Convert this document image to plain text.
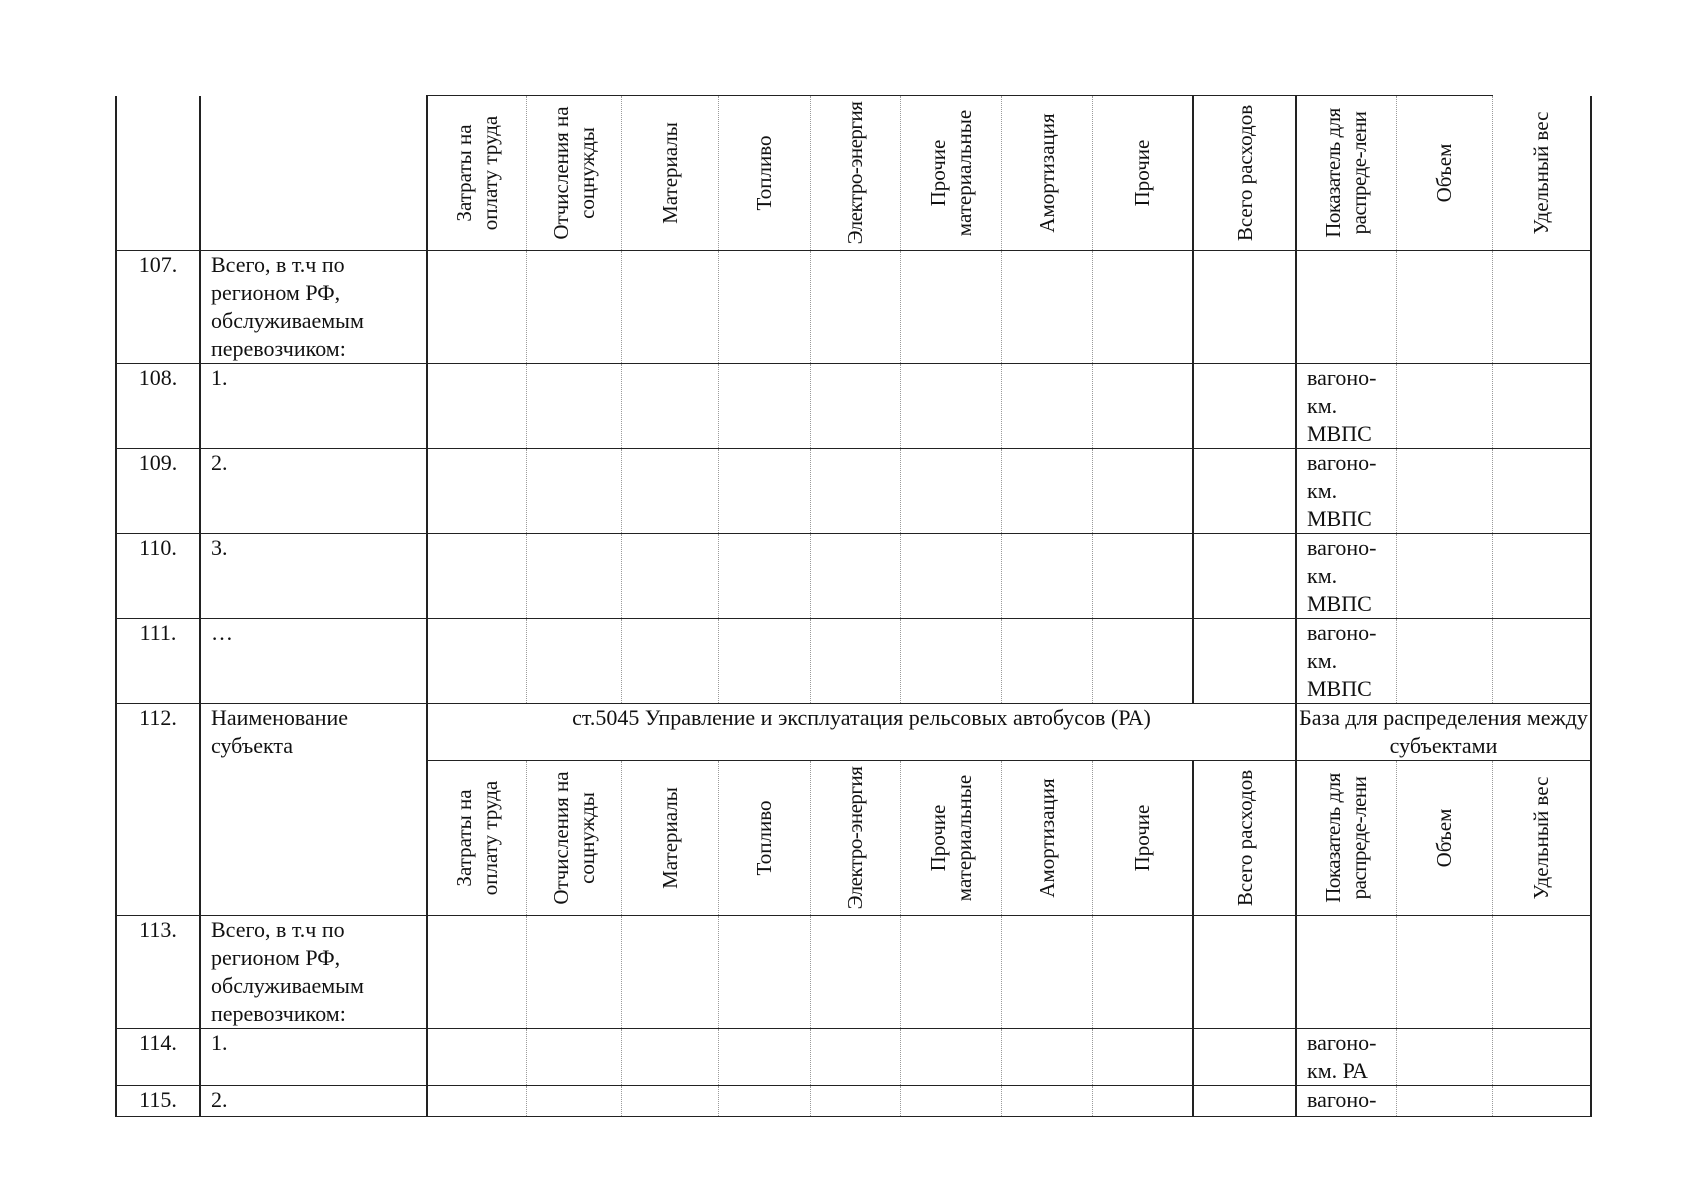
		Затраты на оплату труда	Отчисления на соцнужды	Материалы	Топливо	Электро-энергия	Прочие материальные	Амортизация	Прочие	Всего расходов	Показатель для распреде-лени	Объем	Удельный вес

107.	Всего, в т.ч по регионом РФ, обслуживаемым перевозчиком:												
108.	1.										вагоно-км. МВПС		
109.	2.										вагоно-км. МВПС		
110.	3.										вагоно-км. МВПС		
111.	…										вагоно-км. МВПС		
112.	Наименование субъекта	ст.5045 Управление и эксплуатация рельсовых автобусов (РА)									База для распределения между субъектами		

		Затраты на оплату труда	Отчисления на соцнужды	Материалы	Топливо	Электро-энергия	Прочие материальные	Амортизация	Прочие	Всего расходов	Показатель для распреде-лени	Объем	Удельный вес

113.	Всего, в т.ч по регионом РФ, обслуживаемым перевозчиком:												
114.	1.										вагоно-км. РА		
115.	2.										вагоно-		
